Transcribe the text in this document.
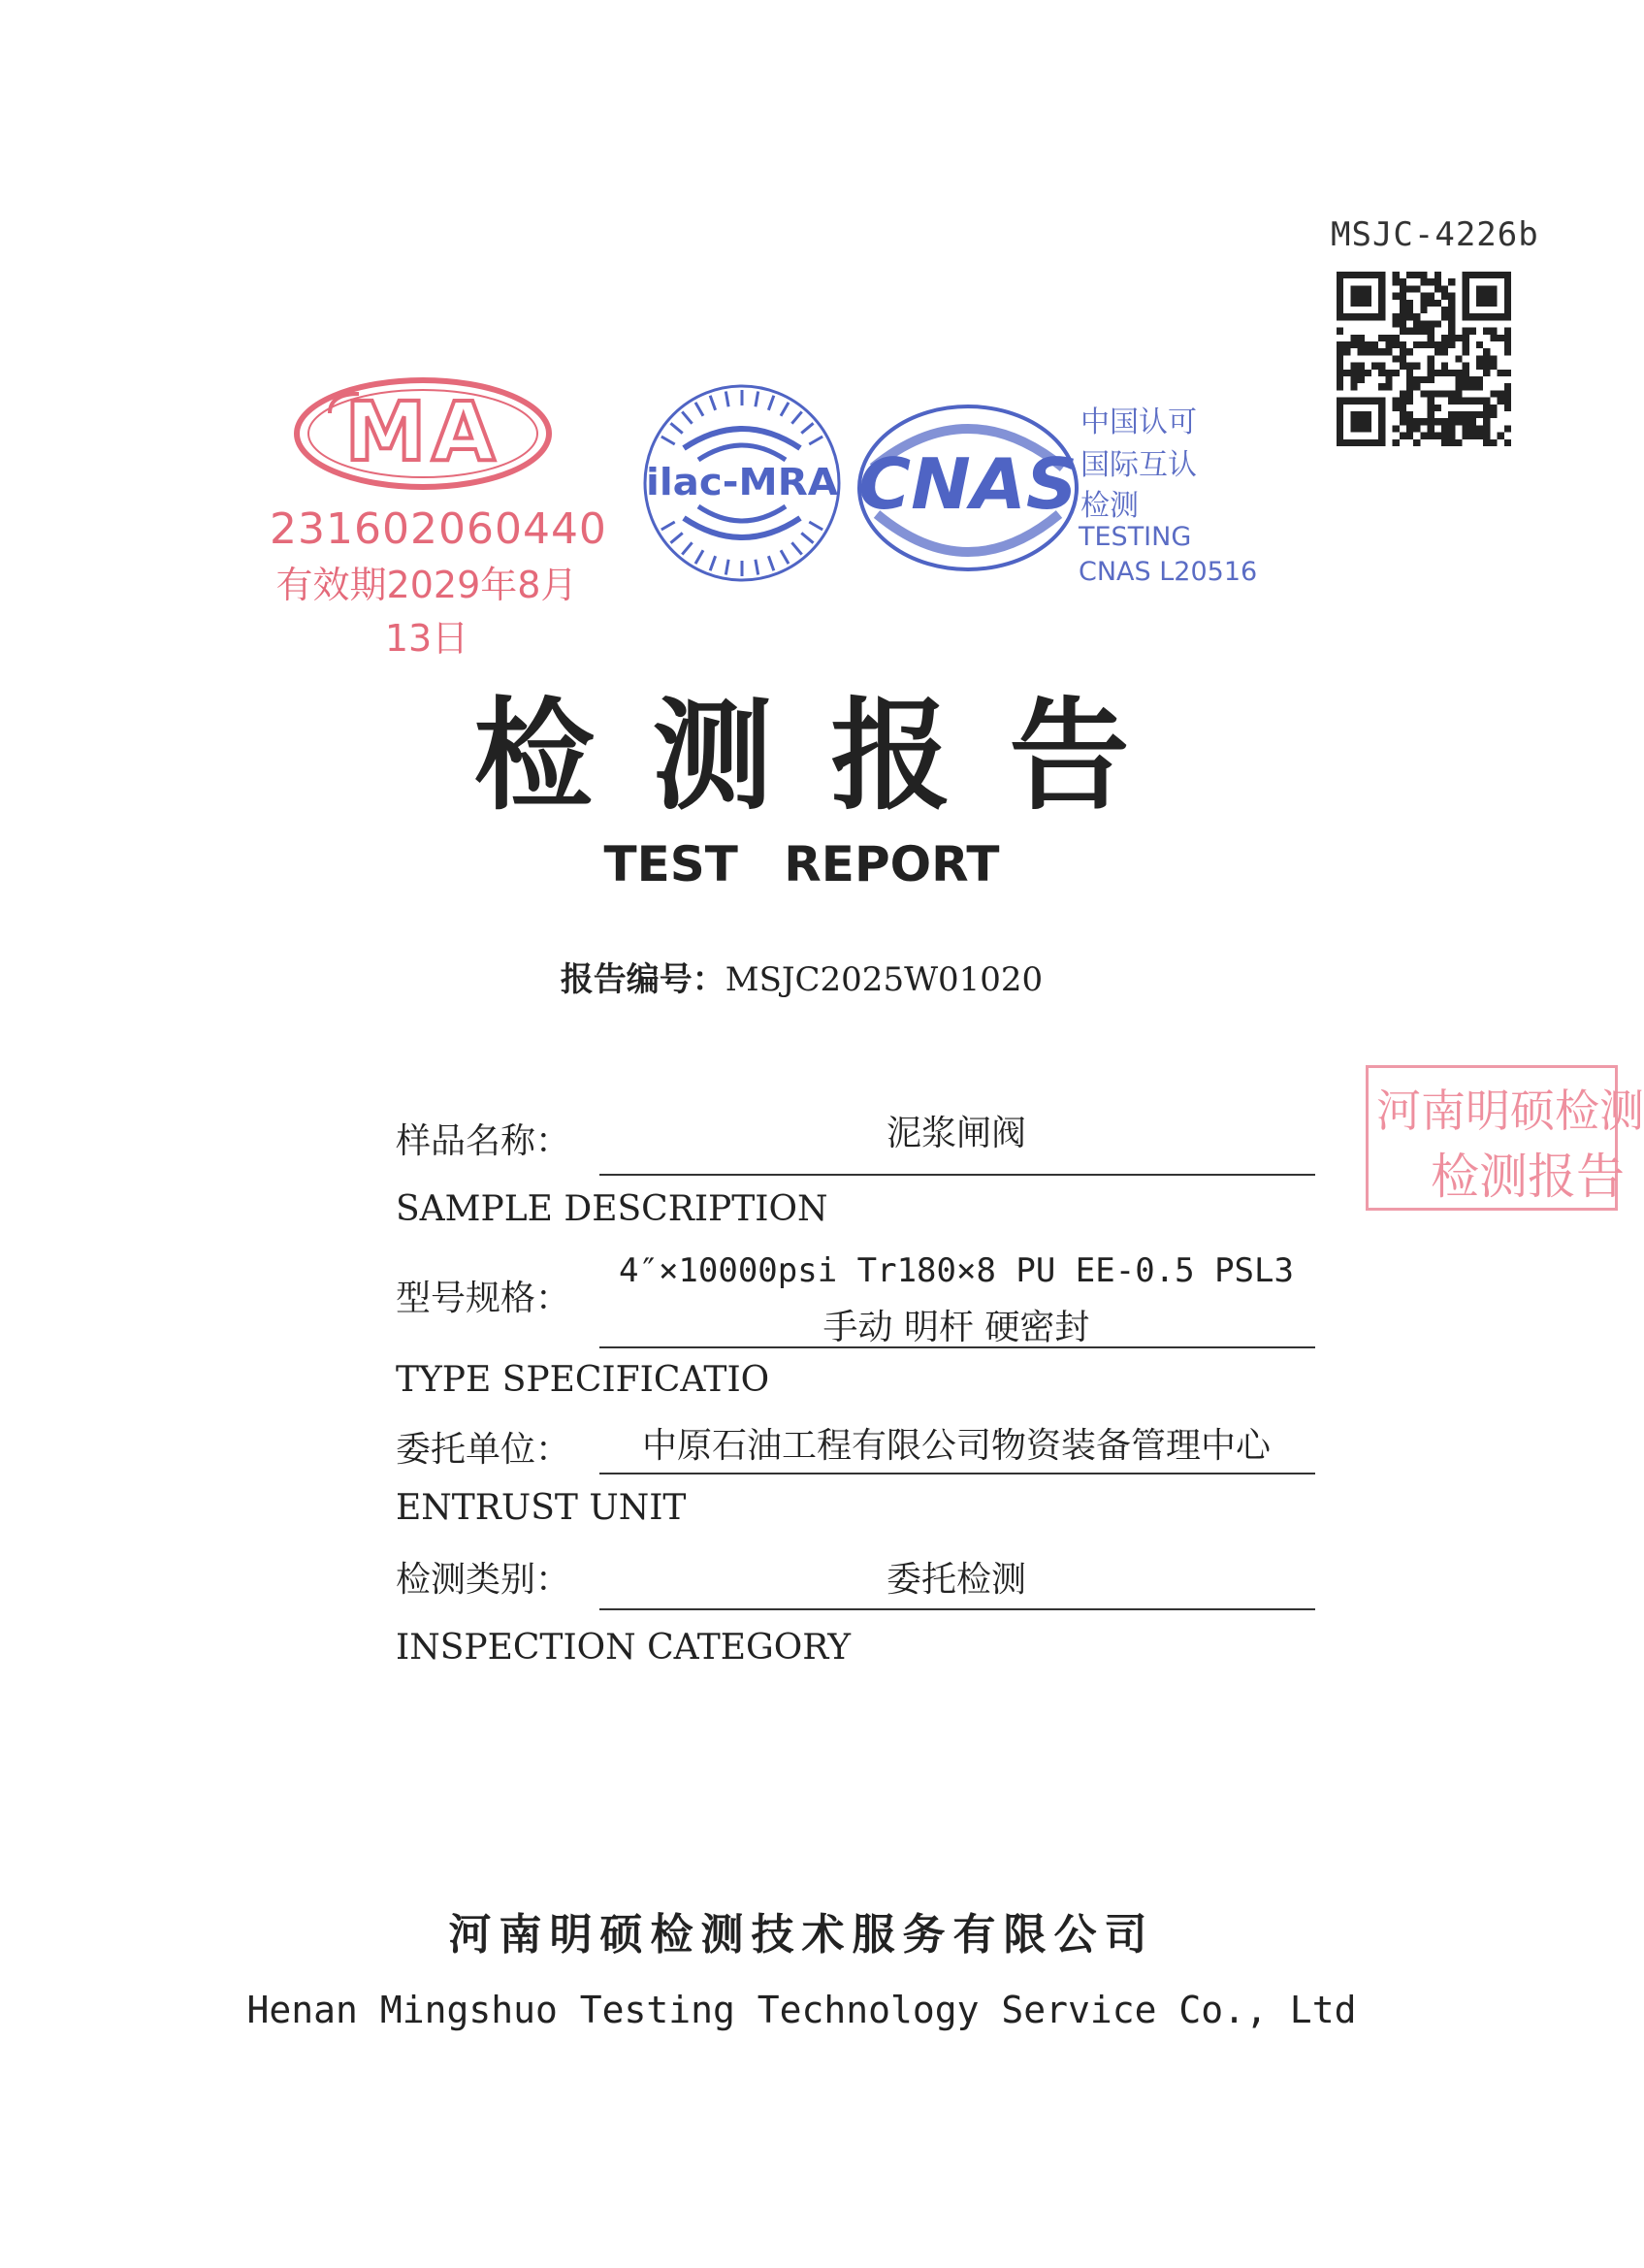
MSJC-4226b
MA
231602060440
有效期2029年8月13日
ilac-MRA CNAS
中国认可
国际互认
检测
TESTING
CNAS L20516
检测报告
TEST REPORT
报告编号：MSJC2025W01020
河南明硕检测
检测报告
样品名称：	泥浆闸阀
SAMPLE DESCRIPTION
型号规格：
4″×10000psi Tr180×8 PU EE-0.5 PSL3
手动 明杆 硬密封
TYPE SPECIFICATIO
委托单位：	中原石油工程有限公司物资装备管理中心
ENTRUST UNIT
检测类别：	委托检测
INSPECTION CATEGORY
河南明硕检测技术服务有限公司
Henan Mingshuo Testing Technology Service Co., Ltd
